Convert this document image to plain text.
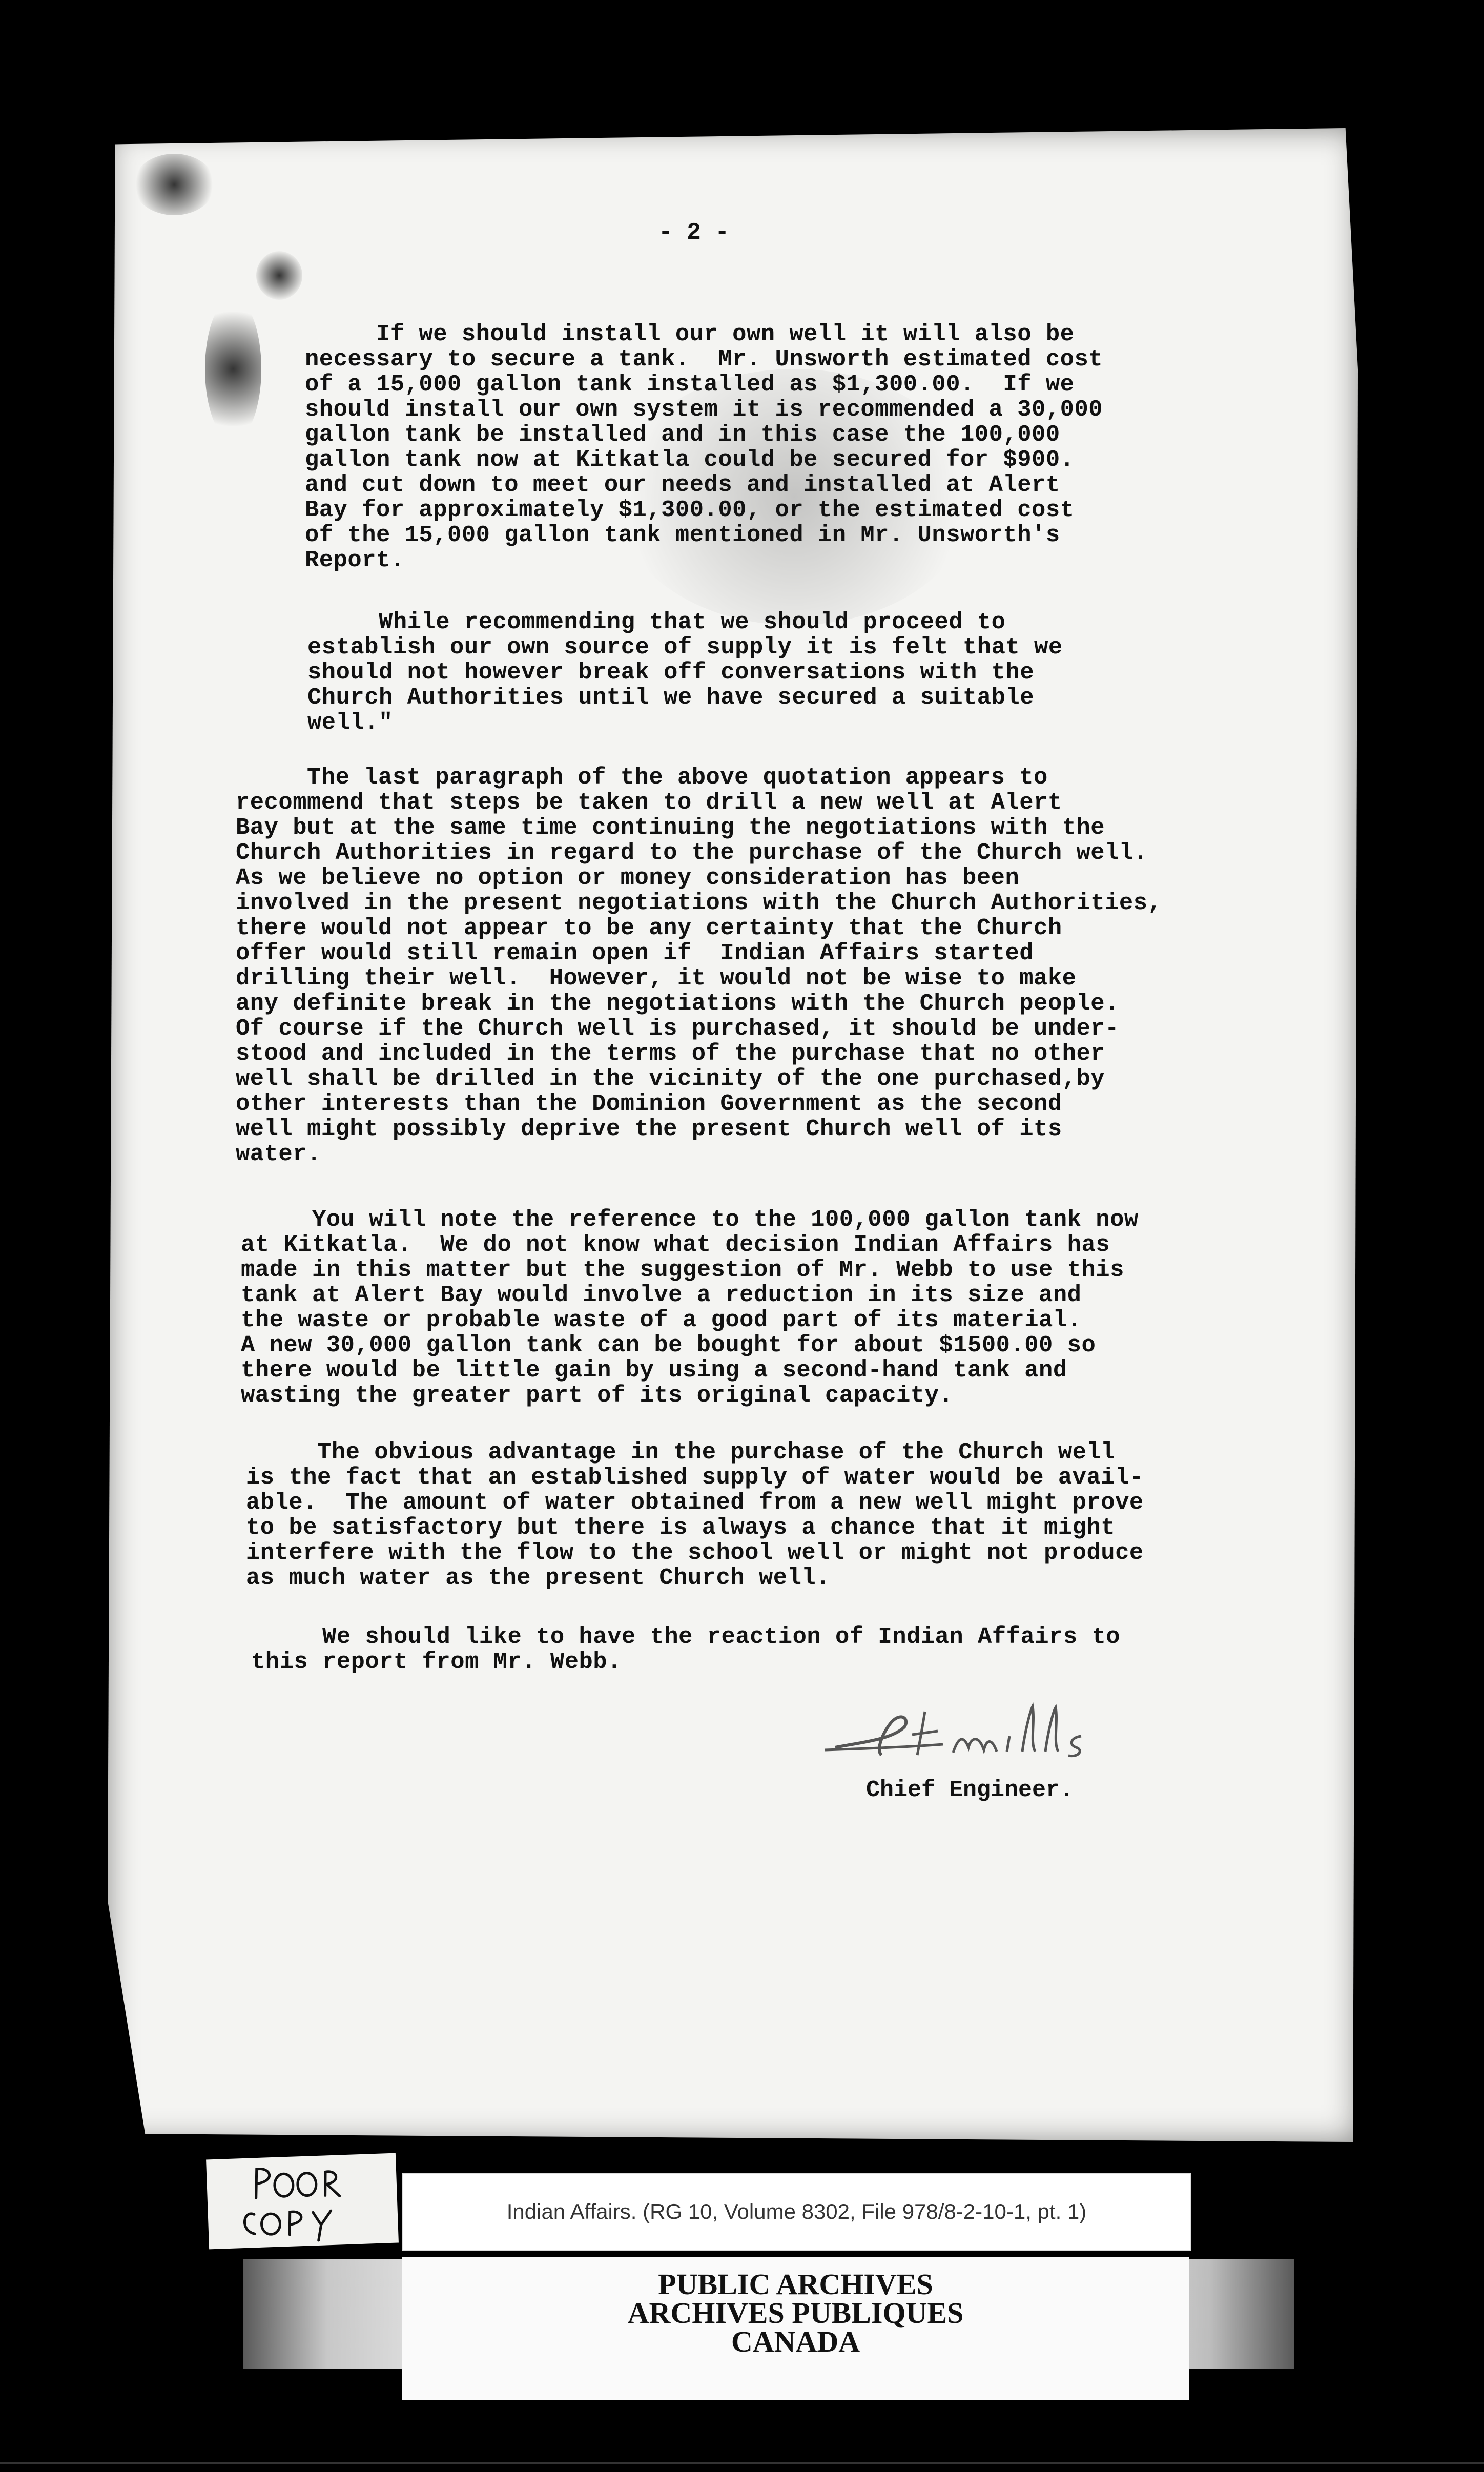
- 2 -
If we should install our own well it will also be
necessary to secure a tank.  Mr. Unsworth estimated cost
of a 15,000 gallon tank installed as $1,300.00.  If we
should install our own system it is recommended a 30,000
gallon tank be installed and in this case the 100,000
gallon tank now at Kitkatla could be secured for $900.
and cut down to meet our needs and installed at Alert
Bay for approximately $1,300.00, or the estimated cost
of the 15,000 gallon tank mentioned in Mr. Unsworth's
Report.
While recommending that we should proceed to
establish our own source of supply it is felt that we
should not however break off conversations with the
Church Authorities until we have secured a suitable
well."
The last paragraph of the above quotation appears to
recommend that steps be taken to drill a new well at Alert
Bay but at the same time continuing the negotiations with the
Church Authorities in regard to the purchase of the Church well.
As we believe no option or money consideration has been
involved in the present negotiations with the Church Authorities,
there would not appear to be any certainty that the Church
offer would still remain open if  Indian Affairs started
drilling their well.  However, it would not be wise to make
any definite break in the negotiations with the Church people.
Of course if the Church well is purchased, it should be under-
stood and included in the terms of the purchase that no other
well shall be drilled in the vicinity of the one purchased,by
other interests than the Dominion Government as the second
well might possibly deprive the present Church well of its
water.
You will note the reference to the 100,000 gallon tank now
at Kitkatla.  We do not know what decision Indian Affairs has
made in this matter but the suggestion of Mr. Webb to use this
tank at Alert Bay would involve a reduction in its size and
the waste or probable waste of a good part of its material.
A new 30,000 gallon tank can be bought for about $1500.00 so
there would be little gain by using a second-hand tank and
wasting the greater part of its original capacity.
The obvious advantage in the purchase of the Church well
is the fact that an established supply of water would be avail-
able.  The amount of water obtained from a new well might prove
to be satisfactory but there is always a chance that it might
interfere with the flow to the school well or might not produce
as much water as the present Church well.
We should like to have the reaction of Indian Affairs to
this report from Mr. Webb.
Chief Engineer.
Indian Affairs. (RG 10, Volume 8302, File 978/8-2-10-1, pt. 1)
PUBLIC ARCHIVES
ARCHIVES PUBLIQUES
CANADA
